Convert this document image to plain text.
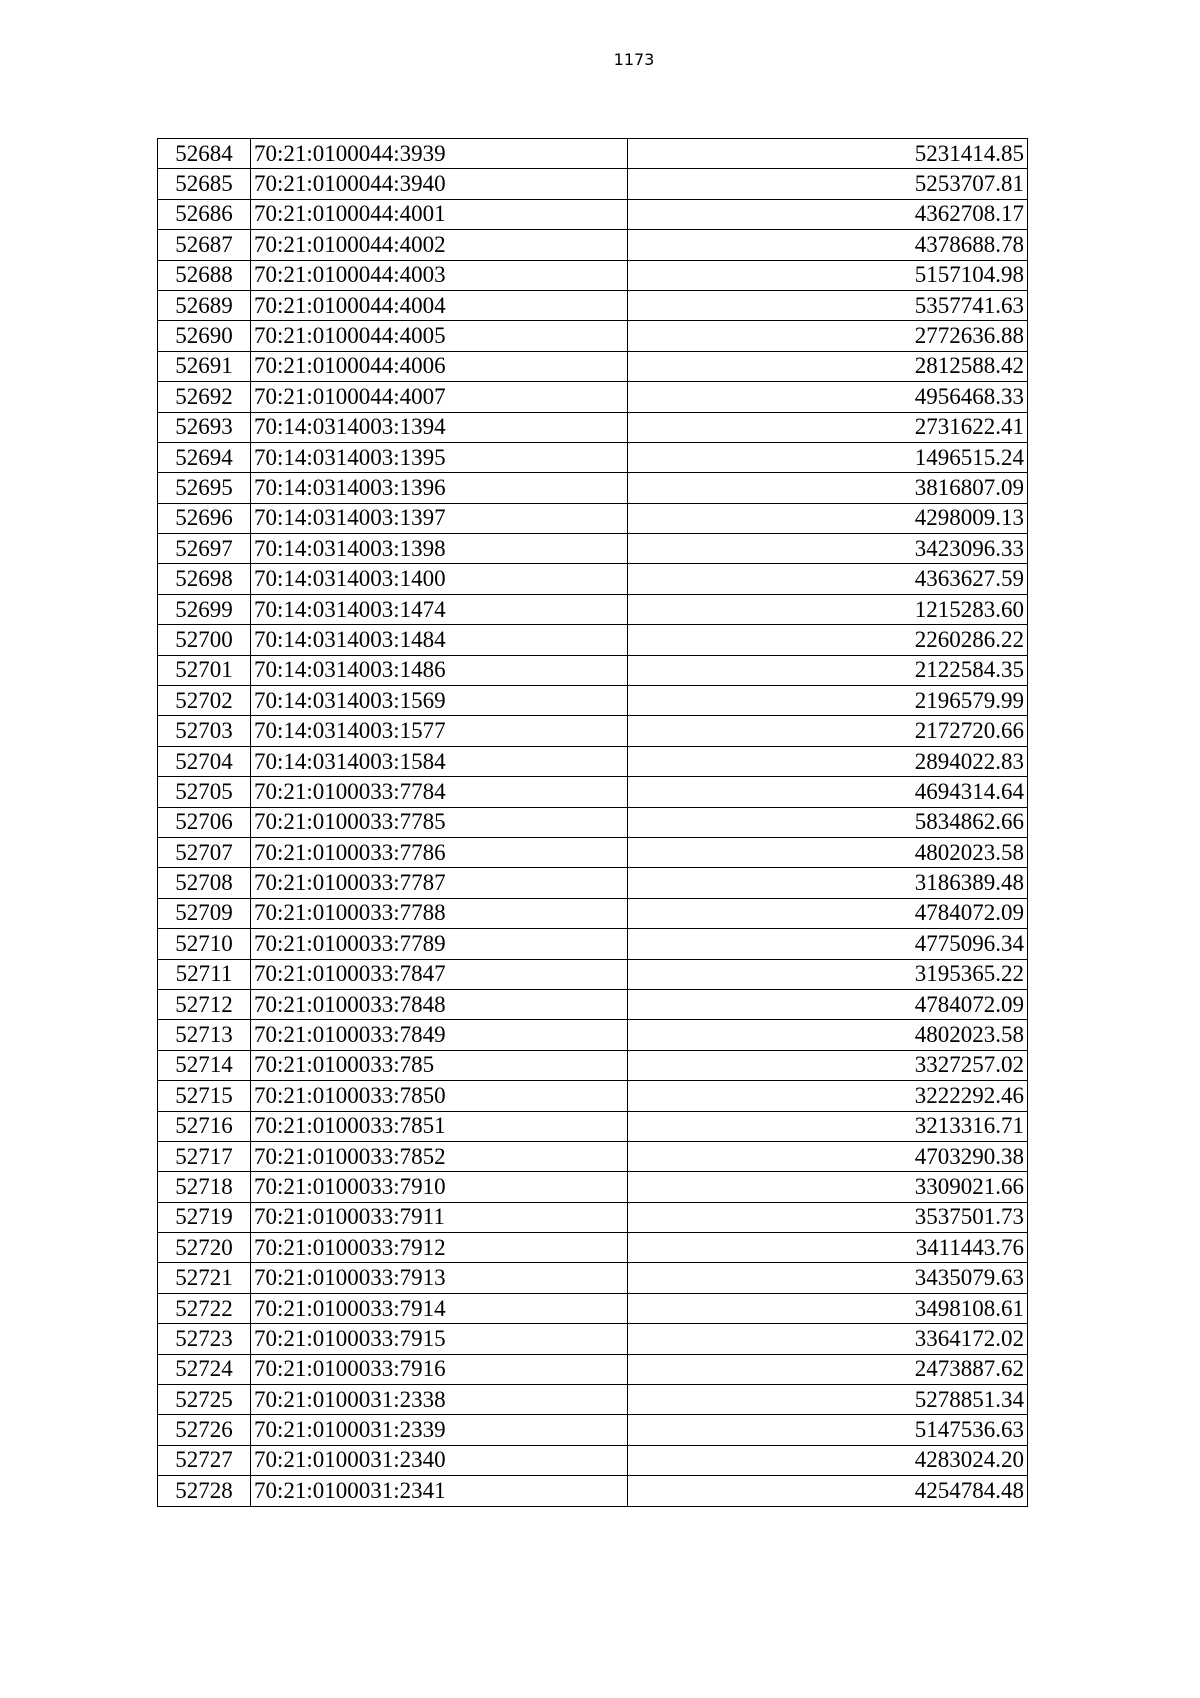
1173
52684	70:21:0100044:3939	5231414.85
52685	70:21:0100044:3940	5253707.81
52686	70:21:0100044:4001	4362708.17
52687	70:21:0100044:4002	4378688.78
52688	70:21:0100044:4003	5157104.98
52689	70:21:0100044:4004	5357741.63
52690	70:21:0100044:4005	2772636.88
52691	70:21:0100044:4006	2812588.42
52692	70:21:0100044:4007	4956468.33
52693	70:14:0314003:1394	2731622.41
52694	70:14:0314003:1395	1496515.24
52695	70:14:0314003:1396	3816807.09
52696	70:14:0314003:1397	4298009.13
52697	70:14:0314003:1398	3423096.33
52698	70:14:0314003:1400	4363627.59
52699	70:14:0314003:1474	1215283.60
52700	70:14:0314003:1484	2260286.22
52701	70:14:0314003:1486	2122584.35
52702	70:14:0314003:1569	2196579.99
52703	70:14:0314003:1577	2172720.66
52704	70:14:0314003:1584	2894022.83
52705	70:21:0100033:7784	4694314.64
52706	70:21:0100033:7785	5834862.66
52707	70:21:0100033:7786	4802023.58
52708	70:21:0100033:7787	3186389.48
52709	70:21:0100033:7788	4784072.09
52710	70:21:0100033:7789	4775096.34
52711	70:21:0100033:7847	3195365.22
52712	70:21:0100033:7848	4784072.09
52713	70:21:0100033:7849	4802023.58
52714	70:21:0100033:785	3327257.02
52715	70:21:0100033:7850	3222292.46
52716	70:21:0100033:7851	3213316.71
52717	70:21:0100033:7852	4703290.38
52718	70:21:0100033:7910	3309021.66
52719	70:21:0100033:7911	3537501.73
52720	70:21:0100033:7912	3411443.76
52721	70:21:0100033:7913	3435079.63
52722	70:21:0100033:7914	3498108.61
52723	70:21:0100033:7915	3364172.02
52724	70:21:0100033:7916	2473887.62
52725	70:21:0100031:2338	5278851.34
52726	70:21:0100031:2339	5147536.63
52727	70:21:0100031:2340	4283024.20
52728	70:21:0100031:2341	4254784.48
